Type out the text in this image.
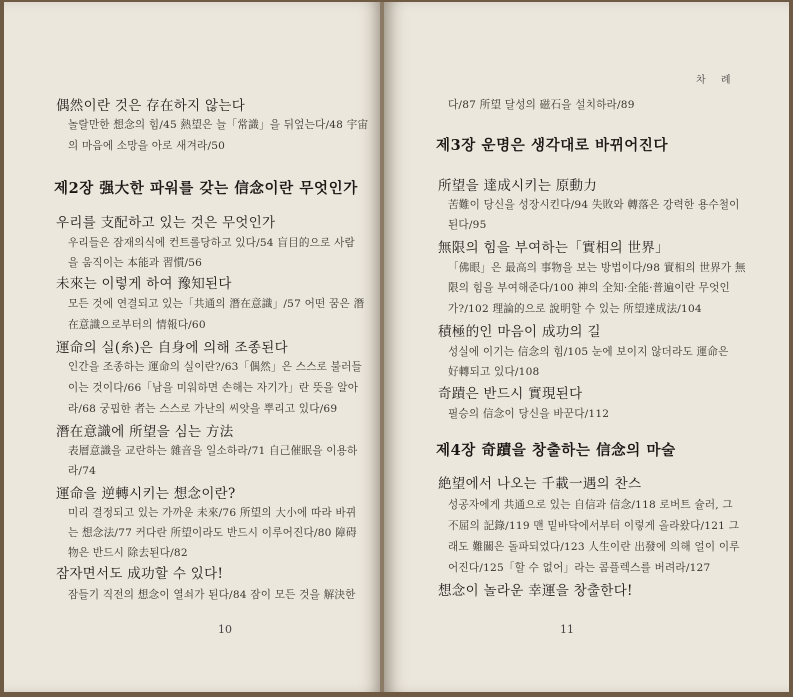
偶然이란 것은 存在하지 않는다
놀랄만한 想念의 힘/45 熱望은 늘「常識」을 뒤엎는다/48 宇宙
의 마음에 소망을 아로 새겨라/50
제2장 强大한 파워를 갖는 信念이란 무엇인가
우리를 支配하고 있는 것은 무엇인가
우리들은 잠재의식에 컨트롤당하고 있다/54 盲目的으로 사람
을 움직이는 本能과 習慣/56
未來는 이렇게 하여 豫知된다
모든 것에 연결되고 있는「共通의 潛在意識」/57 어떤 꿈은 潛
在意識으로부터의 情報다/60
運命의 실(糸)은 自身에 의해 조종된다
인간을 조종하는 運命의 실이란?/63「偶然」은 스스로 불러들
이는 것이다/66「남을 미워하면 손해는 자기가」란 뜻을 알아
라/68 궁핍한 者는 스스로 가난의 씨앗을 뿌리고 있다/69
潛在意識에 所望을 심는 方法
表層意識을 교란하는 雜音을 일소하라/71 自己催眠을 이용하
라/74
運命을 逆轉시키는 想念이란?
미리 결정되고 있는 가까운 未來/76 所望의 大小에 따라 바뀌
는 想念法/77 커다란 所望이라도 반드시 이루어진다/80 障碍
物은 반드시 除去된다/82
잠자면서도 成功할 수 있다!
잠들기 직전의 想念이 열쇠가 된다/84 잠이 모든 것을 解決한
10
차 례
다/87 所望 달성의 磁石을 설치하라/89
제3장 운명은 생각대로 바뀌어진다
所望을 達成시키는 原動力
苦難이 당신을 성장시킨다/94 失敗와 轉落은 강력한 용수철이
된다/95
無限의 힘을 부여하는「實相의 世界」
「佛眼」은 最高의 事物을 보는 방법이다/98 實相의 世界가 無
限의 힘을 부여해준다/100 神의 全知·全能·普遍이란 무엇인
가?/102 理論的으로 說明할 수 있는 所望達成法/104
積極的인 마음이 成功의 길
성실에 이기는 信念의 힘/105 눈에 보이지 않더라도 運命은
好轉되고 있다/108
奇蹟은 반드시 實現된다
필승의 信念이 당신을 바꾼다/112
제4장 奇蹟을 창출하는 信念의 마술
絶望에서 나오는 千載一遇의 찬스
성공자에게 共通으로 있는 自信과 信念/118 로버트 슐러, 그
不屈의 記錄/119 맨 밑바닥에서부터 이렇게 올라왔다/121 그
래도 難關은 돌파되었다/123 人生이란 出發에 의해 얼이 이루
어진다/125「할 수 없어」라는 콤플렉스를 버려라/127
想念이 놀라운 幸運을 창출한다!
11
